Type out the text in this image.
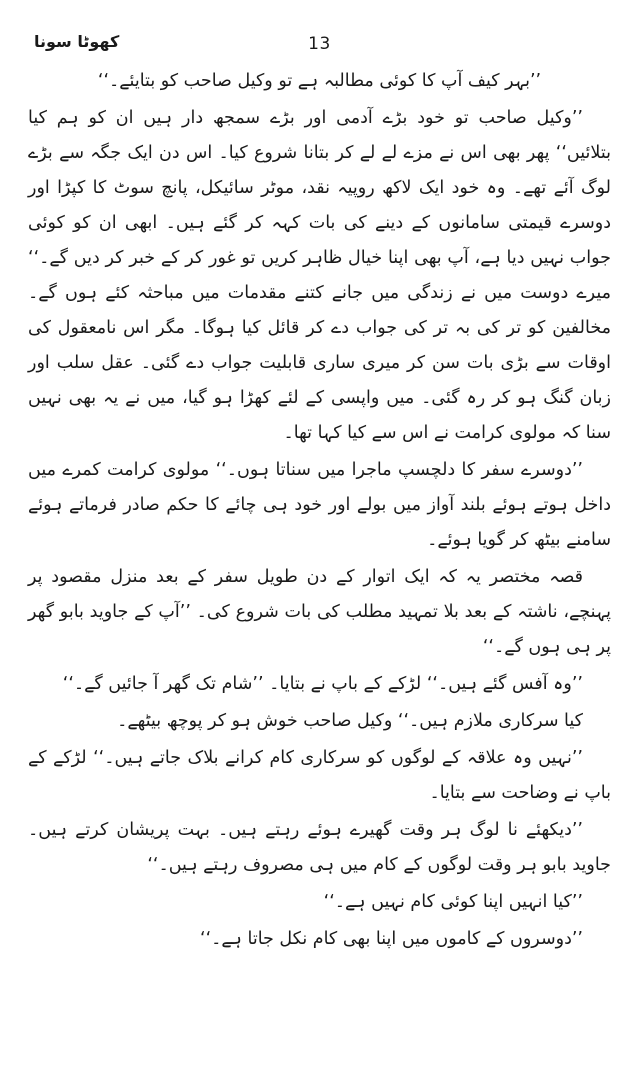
13
کھوٹا سونا

’’بہر کیف آپ کا کوئی مطالبہ ہے تو وکیل صاحب کو بتایئے۔‘‘

’’وکیل صاحب تو خود بڑے آدمی اور بڑے سمجھ دار ہیں ان کو ہم کیا بتلائیں‘‘ پھر بھی اس نے مزے لے لے کر بتانا شروع کیا۔ اس دن ایک جگہ سے بڑے لوگ آئے تھے۔ وہ خود ایک لاکھ روپیہ نقد، موٹر سائیکل، پانچ سوٹ کا کپڑا اور دوسرے قیمتی سامانوں کے دینے کی بات کہہ کر گئے ہیں۔ ابھی ان کو کوئی جواب نہیں دیا ہے، آپ بھی اپنا خیال ظاہر کریں تو غور کر کے خبر کر دیں گے۔‘‘ میرے دوست میں نے زندگی میں جانے کتنے مقدمات میں مباحثہ کئے ہوں گے۔ مخالفین کو تر کی بہ تر کی جواب دے کر قائل کیا ہوگا۔ مگر اس نامعقول کی اوقات سے بڑی بات سن کر میری ساری قابلیت جواب دے گئی۔ عقل سلب اور زبان گنگ ہو کر رہ گئی۔ میں واپسی کے لئے کھڑا ہو گیا، میں نے یہ بھی نہیں سنا کہ مولوی کرامت نے اس سے کیا کہا تھا۔

’’دوسرے سفر کا دلچسپ ماجرا میں سناتا ہوں۔‘‘ مولوی کرامت کمرے میں داخل ہوتے ہوئے بلند آواز میں بولے اور خود ہی چائے کا حکم صادر فرماتے ہوئے سامنے بیٹھ کر گویا ہوئے۔

قصہ مختصر یہ کہ ایک اتوار کے دن طویل سفر کے بعد منزل مقصود پر پہنچے، ناشتہ کے بعد بلا تمہید مطلب کی بات شروع کی۔ ’’آپ کے جاوید بابو گھر پر ہی ہوں گے۔‘‘

’’وہ آفس گئے ہیں۔‘‘ لڑکے کے باپ نے بتایا۔ ’’شام تک گھر آ جائیں گے۔‘‘

کیا سرکاری ملازم ہیں۔‘‘ وکیل صاحب خوش ہو کر پوچھ بیٹھے۔

’’نہیں وہ علاقہ کے لوگوں کو سرکاری کام کرانے بلاک جاتے ہیں۔‘‘ لڑکے کے باپ نے وضاحت سے بتایا۔

’’دیکھئے نا لوگ ہر وقت گھیرے ہوئے رہتے ہیں۔ بہت پریشان کرتے ہیں۔ جاوید بابو ہر وقت لوگوں کے کام میں ہی مصروف رہتے ہیں۔‘‘

’’کیا انہیں اپنا کوئی کام نہیں ہے۔‘‘

’’دوسروں کے کاموں میں اپنا بھی کام نکل جاتا ہے۔‘‘
